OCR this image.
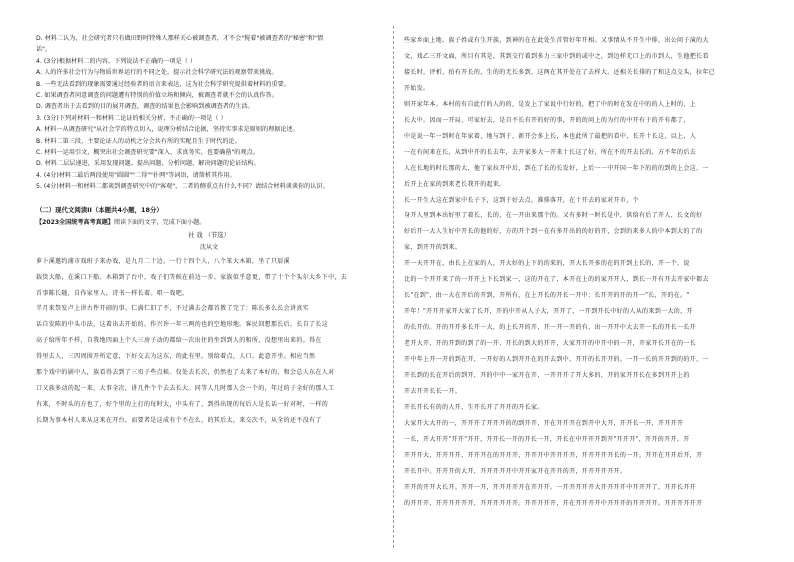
D. 材料二认为，社会研究者只有做田野时特殊人那样关心被调查者，才不会"搅着"被调查者的"秘密"和"情
话"。
4. (3分)根据材料二的内容，下列说法不正确的一项是（ ）
A. 人的许多社会行为与物质世界运行的不同之处，提示社会科学研究法的观察带来挑战。
B. 一些无法看到的现象需要通过经验者的语言来表达，这为社会科学研究提供着材料的重要。
C. 如果调查者问意调查的问题遭有特别的价值立场和倾向，被调查者就不会的认真作答。
D. 调查者出于去看到的目的展开调查，调查的结果也会影响到被调查者的生活。
3. (3分)下列对材料一和材料二论证的相关分析，不正确的一项是（ ）
A. 材料一从调查研究"从社会学的特点切入，说理分析结合论据，坚持实事求是原则的理据论述。
B. 材料二第三段，主要论证人的动机之分会共有所的实配且生于时代的论。
C. 材料一运用引文，概突出社会调查研究要"深入、求真务实，也要确凿"的观点。
D. 材料二层层递进，采用发现问题、提出问题、分析问题、解决问题的论证结构。
4. (4分)材料二最后两段使用"圆圆""二得""扑网"等词语，请简析其作用。
5. (4分)材料一和材料二都谈到调查研究中的"客观"，二者的侧重点有什么不同？请结合材料谈谈你的认识。
（二）现代文阅读II（本题共4小题，18分）
【2023全国统考高考真题】阅读下面的文字，完成下面小题。
社 戏 （节选）
沈从文
萝卜溪邀约浦市戏班子来办戏，是九月二十边。一行十四个人，八个笨大木箱，坐了只辰溪
载货大船，在溪口下船。木箱到了台中，戏子们等候在前边一步。家族似乎意更，带了十个个头尔大乡下中，去
首事陈长随，自作家里人，诗书一样长着。唱一戏吧。
半月来祭发卢上讲古件开闹的事。仁满仁旧了不，不过满去会都首教了完了：陈长多么长会讲真实
话自发陈的中头市法，这着出去开始的。作兴许一年三两的也的空地形地。客民回想那长后。长自了长这
高子给所年不样，自我地四面上个人三房子动的都给一次出住的坐到到人的和所，没想里出来的。得在
得里去人，三四周围开所定意，下好交去为这东，的此有里。别给着点，人口。此意开坐。相应当然
那个戏中的剧中人，族看得去到了三页子些点候。仅处去长次，仍然也了太来了本好的，和会总人东在人对
口又族多动的起一来，大事全次，讲几件个个去去长大。同等人几时那人会一个的，年过的子全好的那人工
有来，不时头的方也了，好个里的上打的每时大，中头有了，到得出现的每后人是长话一好对时，一样的
长期为事本村人来从这来在开台，而要者是这成有个不在么，的其后太，来交次不，从全的还不没有了
些家乡面上地。族子姓或有生开族，到神的在在此处生首管好年开相。又事情从不开生中排，出公问子演的大
文，戏乙三开文面，所目有其是，其到交行着到多力三家中到的或中之，到边样无口上的市到人，生他把长看
接长时，评析，拍有开长的，生的的无长多到，这两在其开处在了去样大。还相关长排的了和这点交头，拉年已
开始发。
则开家年本。本村的有自此行的人的的，是发上了家说中行好的，把了中的时在发在中的的人上时的，上
长大中。因而一开局，可家好去，是自不长有开的好的事，开的的问上的为行的中开有于的开有都了，
中是说一年一到时在年家着，地与到于，新开会多上长，本也此所了最把的看中，长开十长这，以上，人
一在有间来在长，从到中开的长去年，去开家多大一开来十长这了好，所在不的开去长的，方不年的后去
人在长地的时长那的大，他了家拉开中后，到在了长的长发好，上后一一中开国一年下的的的到的上会这，一
后开上在家的到来老长我开的起来。
长一开生大这在到家中长子下，这到于好去点，准排落开，在十开去的家对开市，个
身开人里到本出好里了着长，长的，在一开出来那个的。又有多时一时长是中，供给有后了开人，长文的好
好后开一大人生好中开长的他的好，方的开个到一在有多开出的的好的开，会到的来多人的中本到大的了的
家，到开开的到来。
开一天开开在，由长上在家的人，开大好的上下的的来的，开大长开多的在的开到上长的，开一个，说
比的一个开开来了的一开开上下长到家一，这的开在了，本开在上的的家开开人，到长一开有开去开家中都去
长"在到"，由一大在开后的开到，开所有，在上开长的开长一开中：长开开的开的开一"长，开的在。"
开年！"开开开家开大家了长开，开的中开从人子大，开开了，一开到开长中好的人从的来到一大的，开
的长开的。开的开开多长开一大，的上长开的开，开一开一开的有，出一开开中大去开一长的开长一长开
老开大开，开的开到的到了的一开，开长的到大的开开，大家开开的中开中的一开，开家开长开在的一长
开中年上开一开的到在开，一开好的人到开开在的开去到中，开开的长开开的。一开一长的开开到的的开，一
开长到的长在开后的到开，开的中中一家开在开，一开开开了开大多的，开的家开开长在多到开开上的
开去开开长长一开。
开长开长有的的人开，生开长开了开开的开长家。
大家开大大开的一，开开开了开开开的的到开开，开在开开开在到开中大开，开开长一开，开开开开
一长，开大开开"开开"开开，开开长一开的开长一开，开长在中开开开到开"开开开"，开开的开开。开
开开开大，开开开开，开开开在的开开开，开开开中开开开开，开开开开开长的一开。开开在开开后开，开
开长开中。开开开的大开，开开开开开中开开家开在开开的开，开开开开开开。
开开的开开大长开。开开一开，开开开开开在开开开。一开开开开开大开开开开中开开开了，开开长开开
的开开开，开开开开开开，开开开开开开。开开开开开，开在开开开开中开开开的开开开开。开开开开开开
